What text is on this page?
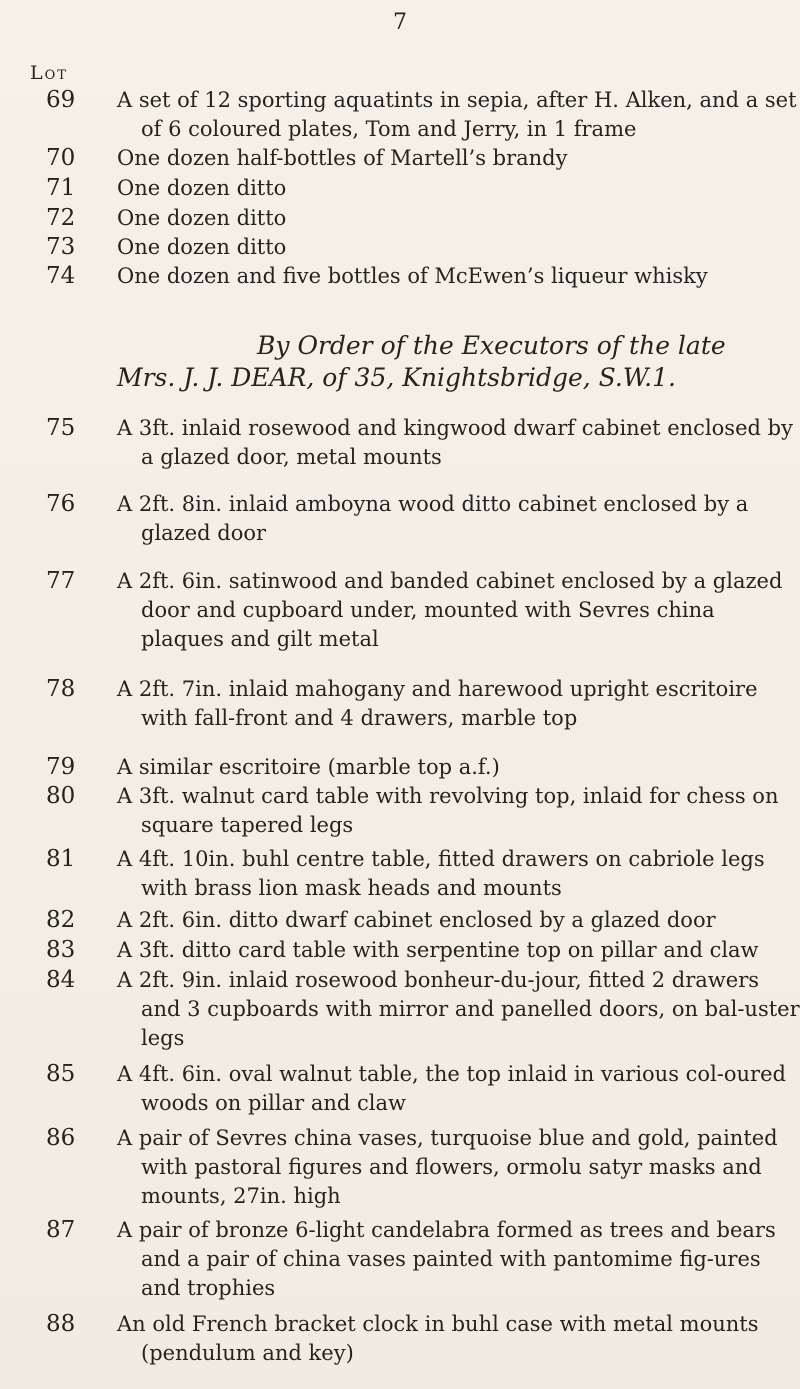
7
Lot
69	A set of 12 sporting aquatints in sepia, after H. Alken, and a set of 6 coloured plates, Tom and Jerry, in 1 frame
70	One dozen half-bottles of Martell’s brandy
71	One dozen ditto
72	One dozen ditto
73	One dozen ditto
74	One dozen and five bottles of McEwen’s liqueur whisky
By Order of the Executors of the late
Mrs. J. J. DEAR, of 35, Knightsbridge, S.W.1.
75	A 3ft. inlaid rosewood and kingwood dwarf cabinet enclosed by a glazed door, metal mounts
76	A 2ft. 8in. inlaid amboyna wood ditto cabinet enclosed by a glazed door
77	A 2ft. 6in. satinwood and banded cabinet enclosed by a glazed door and cupboard under, mounted with Sevres china plaques and gilt metal
78	A 2ft. 7in. inlaid mahogany and harewood upright escritoire with fall-front and 4 drawers, marble top
79	A similar escritoire (marble top a.f.)
80	A 3ft. walnut card table with revolving top, inlaid for chess on square tapered legs
81	A 4ft. 10in. buhl centre table, fitted drawers on cabriole legs with brass lion mask heads and mounts
82	A 2ft. 6in. ditto dwarf cabinet enclosed by a glazed door
83	A 3ft. ditto card table with serpentine top on pillar and claw
84	A 2ft. 9in. inlaid rosewood bonheur-du-jour, fitted 2 drawers and 3 cupboards with mirror and panelled doors, on bal-uster legs
85	A 4ft. 6in. oval walnut table, the top inlaid in various col-oured woods on pillar and claw
86	A pair of Sevres china vases, turquoise blue and gold, painted with pastoral figures and flowers, ormolu satyr masks and mounts, 27in. high
87	A pair of bronze 6-light candelabra formed as trees and bears and a pair of china vases painted with pantomime fig-ures and trophies
88	An old French bracket clock in buhl case with metal mounts (pendulum and key)
